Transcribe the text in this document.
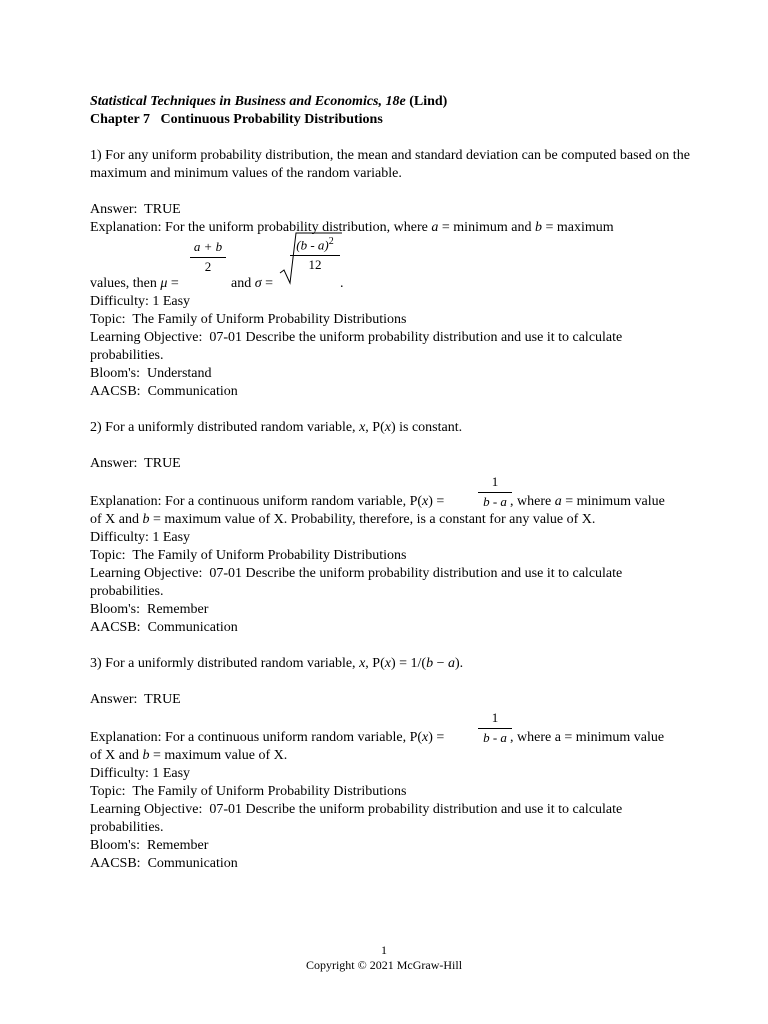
Statistical Techniques in Business and Economics, 18e (Lind)

Chapter 7   Continuous Probability Distributions

1) For any uniform probability distribution, the mean and standard deviation can be computed based on the maximum and minimum values of the random variable.

Answer:  TRUE

Explanation: For the uniform probability distribution, where a = minimum and b = maximum

a + b
2
(b - a)$^2$
12
values, then μ =	and σ =	.

Difficulty: 1 Easy

Topic:  The Family of Uniform Probability Distributions

Learning Objective:  07-01 Describe the uniform probability distribution and use it to calculate probabilities.

Bloom's:  Understand

AACSB:  Communication

2) For a uniformly distributed random variable, x, P(x) is constant.

Answer:  TRUE

1
b - a
Explanation: For a continuous uniform random variable, P(x) =	, where a = minimum value

of X and b = maximum value of X. Probability, therefore, is a constant for any value of X.

Difficulty: 1 Easy

Topic:  The Family of Uniform Probability Distributions

Learning Objective:  07-01 Describe the uniform probability distribution and use it to calculate probabilities.

Bloom's:  Remember

AACSB:  Communication

3) For a uniformly distributed random variable, x, P(x) = 1/(b − a).

Answer:  TRUE

1
b - a
Explanation: For a continuous uniform random variable, P(x) =	, where a = minimum value

of X and b = maximum value of X.

Difficulty: 1 Easy

Topic:  The Family of Uniform Probability Distributions

Learning Objective:  07-01 Describe the uniform probability distribution and use it to calculate probabilities.

Bloom's:  Remember

AACSB:  Communication

1
Copyright © 2021 McGraw-Hill
